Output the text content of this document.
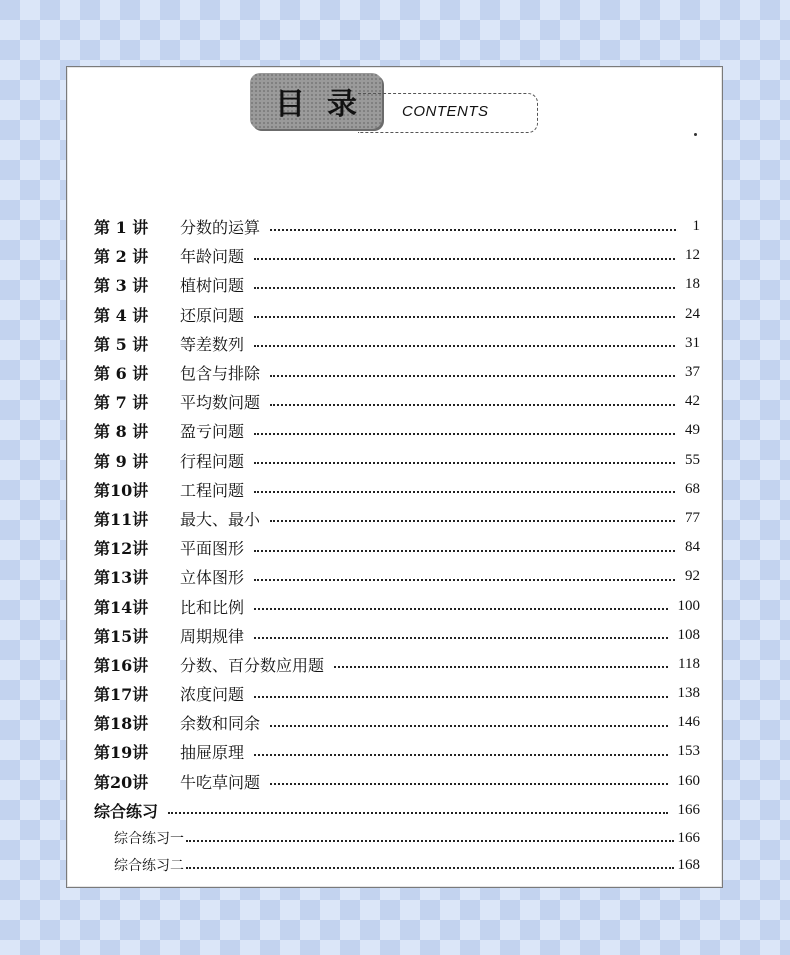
目 录 CONTENTS
第 1 讲	分数的运算	1
第 2 讲	年龄问题	12
第 3 讲	植树问题	18
第 4 讲	还原问题	24
第 5 讲	等差数列	31
第 6 讲	包含与排除	37
第 7 讲	平均数问题	42
第 8 讲	盈亏问题	49
第 9 讲	行程问题	55
第10讲	工程问题	68
第11讲	最大、最小	77
第12讲	平面图形	84
第13讲	立体图形	92
第14讲	比和比例	100
第15讲	周期规律	108
第16讲	分数、百分数应用题	118
第17讲	浓度问题	138
第18讲	余数和同余	146
第19讲	抽屉原理	153
第20讲	牛吃草问题	160
综合练习	166
综合练习一	166
综合练习二	168
